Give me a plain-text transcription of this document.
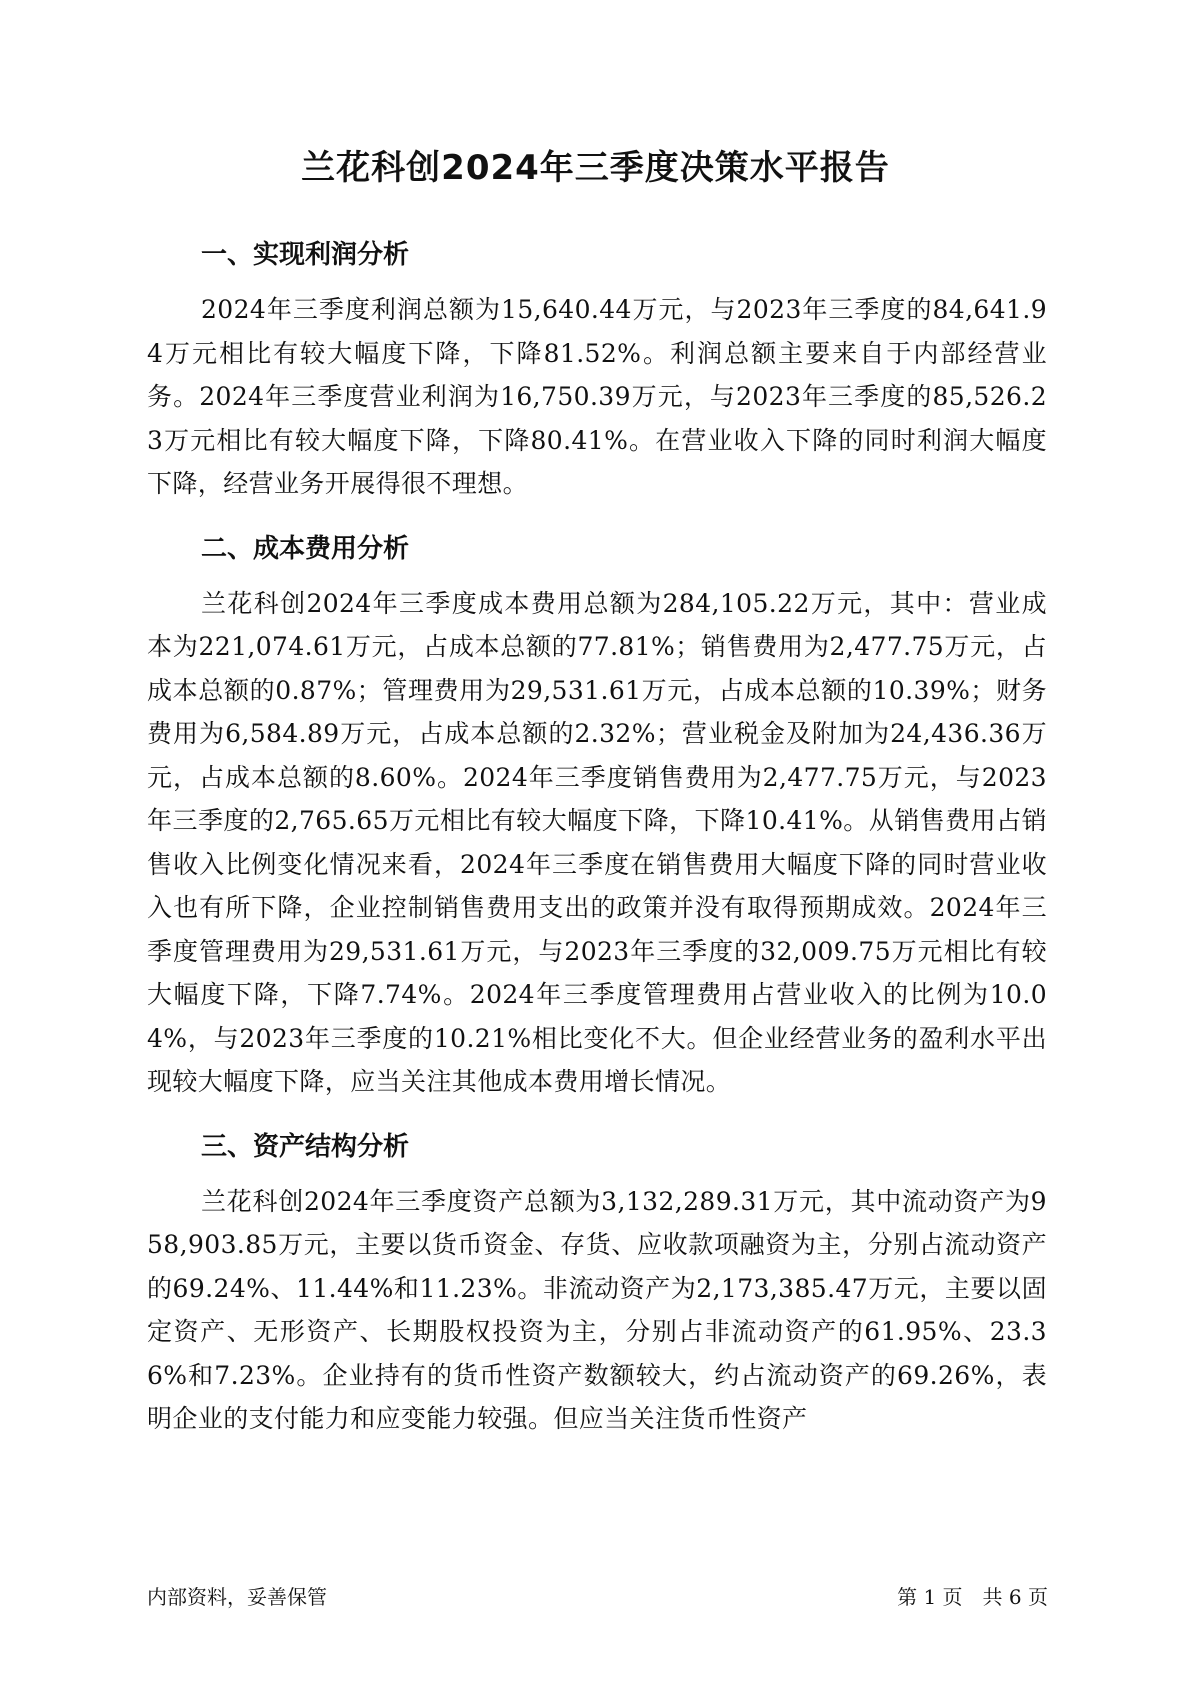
兰花科创2024年三季度决策水平报告
一、实现利润分析

2024年三季度利润总额为15,640.44万元，与2023年三季度的84,641.94万元相比有较大幅度下降，下降81.52%。利润总额主要来自于内部经营业务。2024年三季度营业利润为16,750.39万元，与2023年三季度的85,526.23万元相比有较大幅度下降，下降80.41%。在营业收入下降的同时利润大幅度下降，经营业务开展得很不理想。

二、成本费用分析

兰花科创2024年三季度成本费用总额为284,105.22万元，其中：营业成本为221,074.61万元，占成本总额的77.81%；销售费用为2,477.75万元，占成本总额的0.87%；管理费用为29,531.61万元，占成本总额的10.39%；财务费用为6,584.89万元，占成本总额的2.32%；营业税金及附加为24,436.36万元，占成本总额的8.60%。2024年三季度销售费用为2,477.75万元，与2023年三季度的2,765.65万元相比有较大幅度下降，下降10.41%。从销售费用占销售收入比例变化情况来看，2024年三季度在销售费用大幅度下降的同时营业收入也有所下降，企业控制销售费用支出的政策并没有取得预期成效。2024年三季度管理费用为29,531.61万元，与2023年三季度的32,009.75万元相比有较大幅度下降，下降7.74%。2024年三季度管理费用占营业收入的比例为10.04%，与2023年三季度的10.21%相比变化不大。但企业经营业务的盈利水平出现较大幅度下降，应当关注其他成本费用增长情况。

三、资产结构分析

兰花科创2024年三季度资产总额为3,132,289.31万元，其中流动资产为958,903.85万元，主要以货币资金、存货、应收款项融资为主，分别占流动资产的69.24%、11.44%和11.23%。非流动资产为2,173,385.47万元，主要以固定资产、无形资产、长期股权投资为主，分别占非流动资产的61.95%、23.36%和7.23%。企业持有的货币性资产数额较大，约占流动资产的69.26%，表明企业的支付能力和应变能力较强。但应当关注货币性资产

内部资料，妥善保管	第 1 页　共 6 页
